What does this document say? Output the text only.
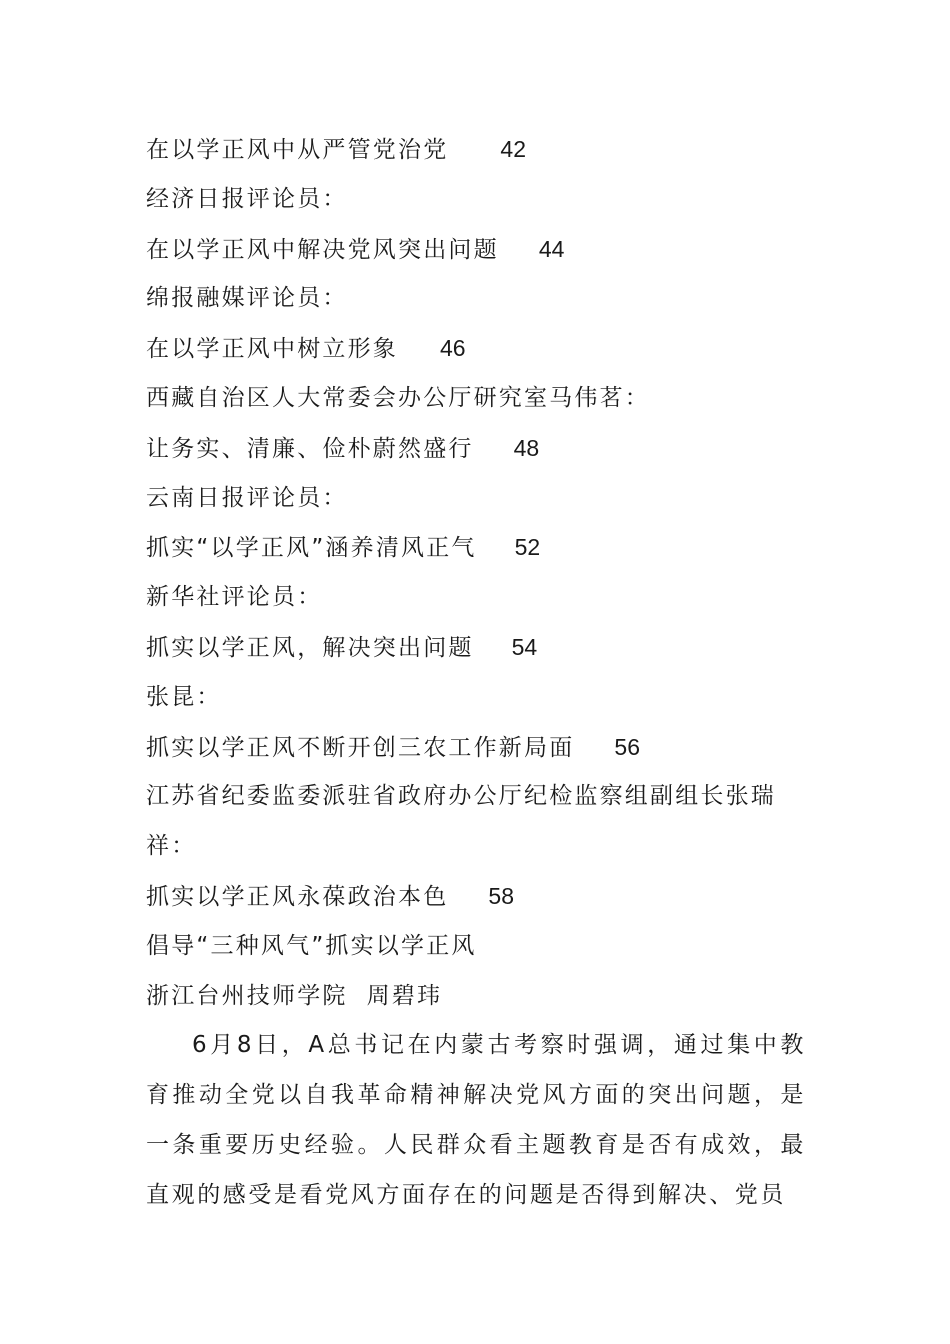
在以学正风中从严管党治党 42
经济日报评论员：
在以学正风中解决党风突出问题 44
绵报融媒评论员：
在以学正风中树立形象 46
西藏自治区人大常委会办公厅研究室马伟茗：
让务实、清廉、俭朴蔚然盛行 48
云南日报评论员：
抓实“以学正风”涵养清风正气 52
新华社评论员：
抓实以学正风，解决突出问题 54
张昆：
抓实以学正风不断开创三农工作新局面 56
江苏省纪委监委派驻省政府办公厅纪检监察组副组长张瑞
祥：
抓实以学正风永葆政治本色 58
倡导“三种风气”抓实以学正风
浙江台州技师学院  周碧玮
6月8日，A总书记在内蒙古考察时强调，通过集中教育推动全党以自我革命精神解决党风方面的突出问题，是一条重要历史经验。人民群众看主题教育是否有成效，最直观的感受是看党风方面存在的问题是否得到解决、党员
